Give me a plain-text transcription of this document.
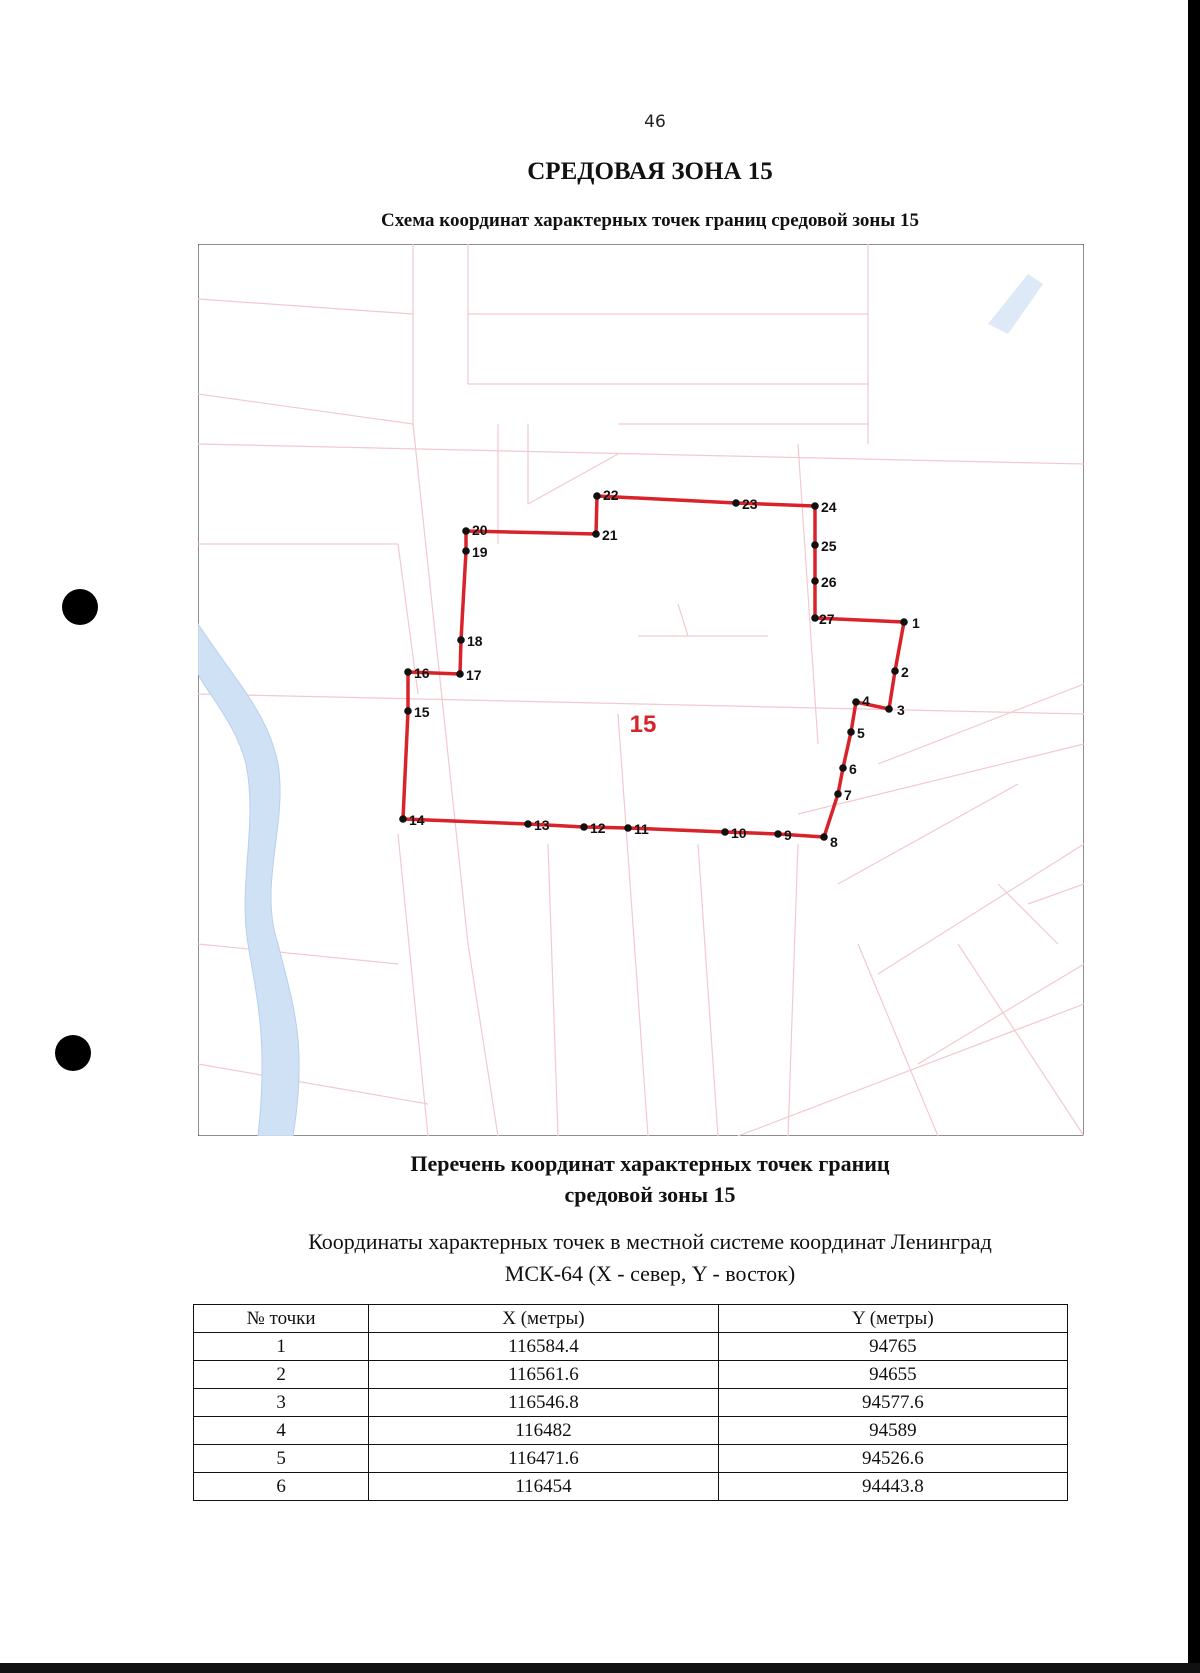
46
СРЕДОВАЯ ЗОНА 15
Схема координат характерных точек границ средовой зоны 15
1
2
3
4
5
6
7
8
9
10
11
12
13
14
15
16	17
18
19
20	21
22
23	24
25
26
27
15
Перечень координат характерных точек границ
средовой зоны 15
Координаты характерных точек в местной системе координат Ленинград
МСК-64 (X - север, Y - восток)
№ точки	X (метры)	Y (метры)
1	116584.4	94765
2	116561.6	94655
3	116546.8	94577.6
4	116482	94589
5	116471.6	94526.6
6	116454	94443.8
